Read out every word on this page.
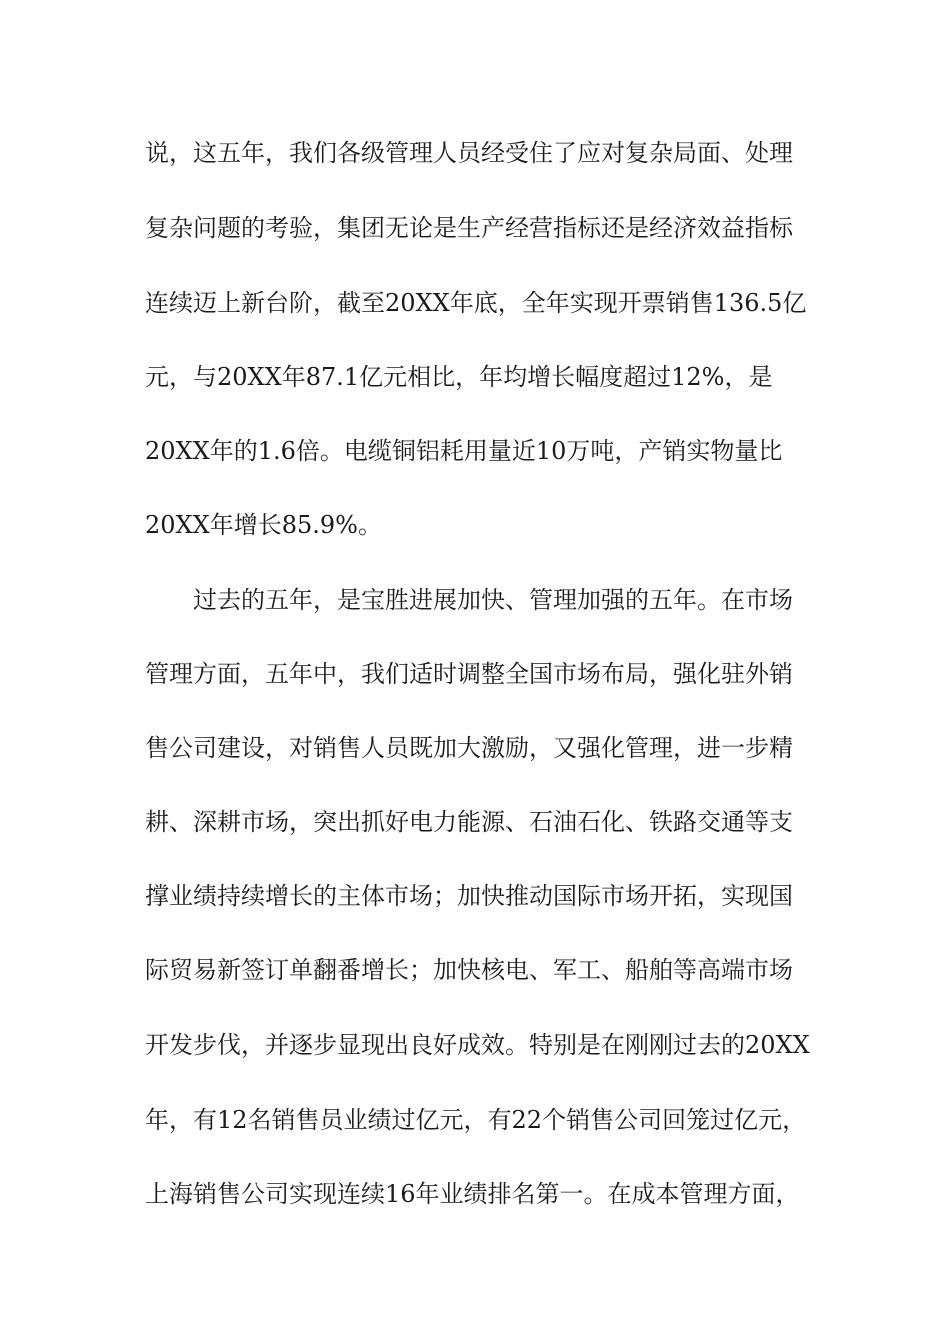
说，这五年，我们各级管理人员经受住了应对复杂局面、处理
复杂问题的考验，集团无论是生产经营指标还是经济效益指标
连续迈上新台阶，截至20XX年底，全年实现开票销售136.5亿
元，与20XX年87.1亿元相比，年均增长幅度超过12%，是
20XX年的1.6倍。电缆铜铝耗用量近10万吨，产销实物量比
20XX年增长85.9%。
过去的五年，是宝胜进展加快、管理加强的五年。在市场
管理方面，五年中，我们适时调整全国市场布局，强化驻外销
售公司建设，对销售人员既加大激励，又强化管理，进一步精
耕、深耕市场，突出抓好电力能源、石油石化、铁路交通等支
撑业绩持续增长的主体市场；加快推动国际市场开拓，实现国
际贸易新签订单翻番增长；加快核电、军工、船舶等高端市场
开发步伐，并逐步显现出良好成效。特别是在刚刚过去的20XX
年，有12名销售员业绩过亿元，有22个销售公司回笼过亿元，
上海销售公司实现连续16年业绩排名第一。在成本管理方面，
